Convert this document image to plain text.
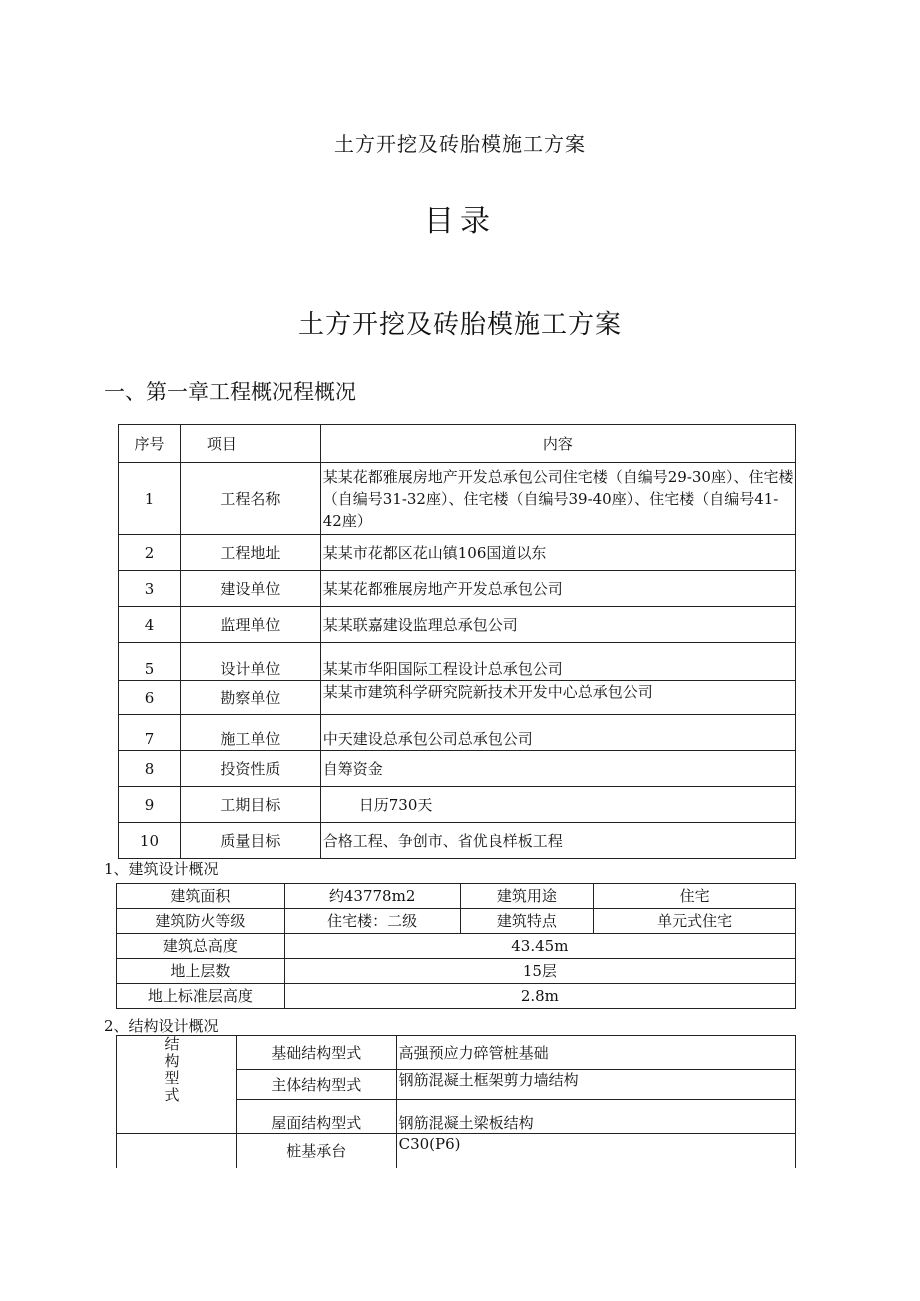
土方开挖及砖胎模施工方案
目录
土方开挖及砖胎模施工方案
一、第一章工程概况程概况
序号	项目	内容
1	工程名称	某某花都雅展房地产开发总承包公司住宅楼（自编号29-30座）、住宅楼（自编号31-32座）、住宅楼（自编号39-40座）、住宅楼（自编号41-42座）
2	工程地址	某某市花都区花山镇106国道以东
3	建设单位	某某花都雅展房地产开发总承包公司
4	监理单位	某某联嘉建设监理总承包公司
5	设计单位	某某市华阳国际工程设计总承包公司
6	勘察单位	某某市建筑科学研究院新技术开发中心总承包公司
7	施工单位	中天建设总承包公司总承包公司
8	投资性质	自筹资金
9	工期目标	日历730天
10	质量目标	合格工程、争创市、省优良样板工程
1、建筑设计概况
建筑面积	约43778m2	建筑用途	住宅
建筑防火等级	住宅楼：二级	建筑特点	单元式住宅
建筑总高度	43.45m		
地上层数	15层		
地上标准层高度	2.8m		
2、结构设计概况
结
构
型
式	基础结构型式	高强预应力碎管桩基础
	主体结构型式	钢筋混凝土框架剪力墙结构
	屋面结构型式	钢筋混凝土梁板结构
	桩基承台	C30(P6)
